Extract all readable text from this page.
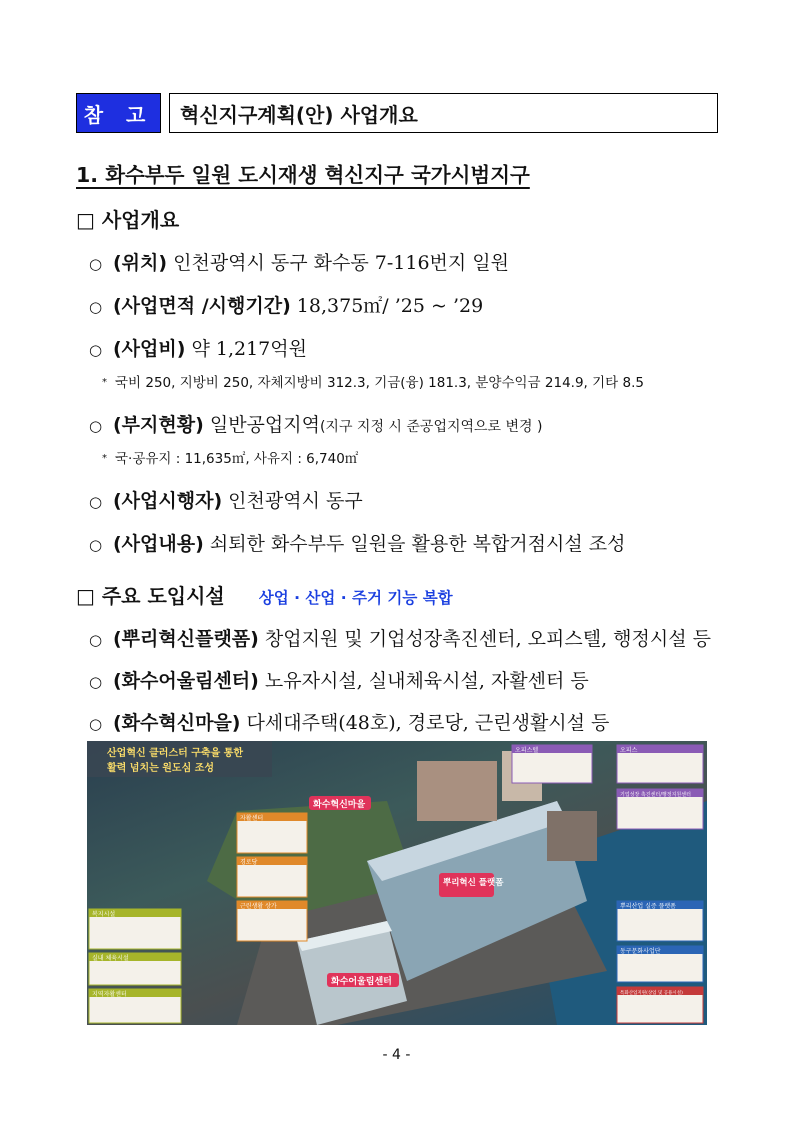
참 고	혁신지구계획(안) 사업개요
1. 화수부두 일원 도시재생 혁신지구 국가시범지구
□ 사업개요
○ (위치) 인천광역시 동구 화수동 7-116번지 일원
○ (사업면적 /시행기간) 18,375㎡/ ’25 ~ ’29
○ (사업비) 약 1,217억원
* 국비 250, 지방비 250, 자체지방비 312.3, 기금(융) 181.3, 분양수익금 214.9, 기타 8.5
○ (부지현황) 일반공업지역(지구 지정 시 준공업지역으로 변경 )
* 국·공유지 : 11,635㎡, 사유지 : 6,740㎡
○ (사업시행자) 인천광역시 동구
○ (사업내용) 쇠퇴한 화수부두 일원을 활용한 복합거점시설 조성
□ 주요 도입시설 상업 · 산업 · 주거 기능 복합
○ (뿌리혁신플랫폼) 창업지원 및 기업성장촉진센터, 오피스텔, 행정시설 등
○ (화수어울림센터) 노유자시설, 실내체육시설, 자활센터 등
○ (화수혁신마을) 다세대주택(48호), 경로당, 근린생활시설 등
산업혁신 클러스터 구축을 통한
활력 넘치는 원도심 조성
화수혁신마을
뿌리혁신 플랫폼
화수어울림센터
오피스텔	오피스
기업성장 촉진센터/행정지원센터
뿌리산업 실증 플랫폼
동구문화사업단
특화산업지원(상업 및 공용시설)
자활센터
경로당
근린생활 상가
복지시설
실내 체육시설
지역자활센터
- 4 -
